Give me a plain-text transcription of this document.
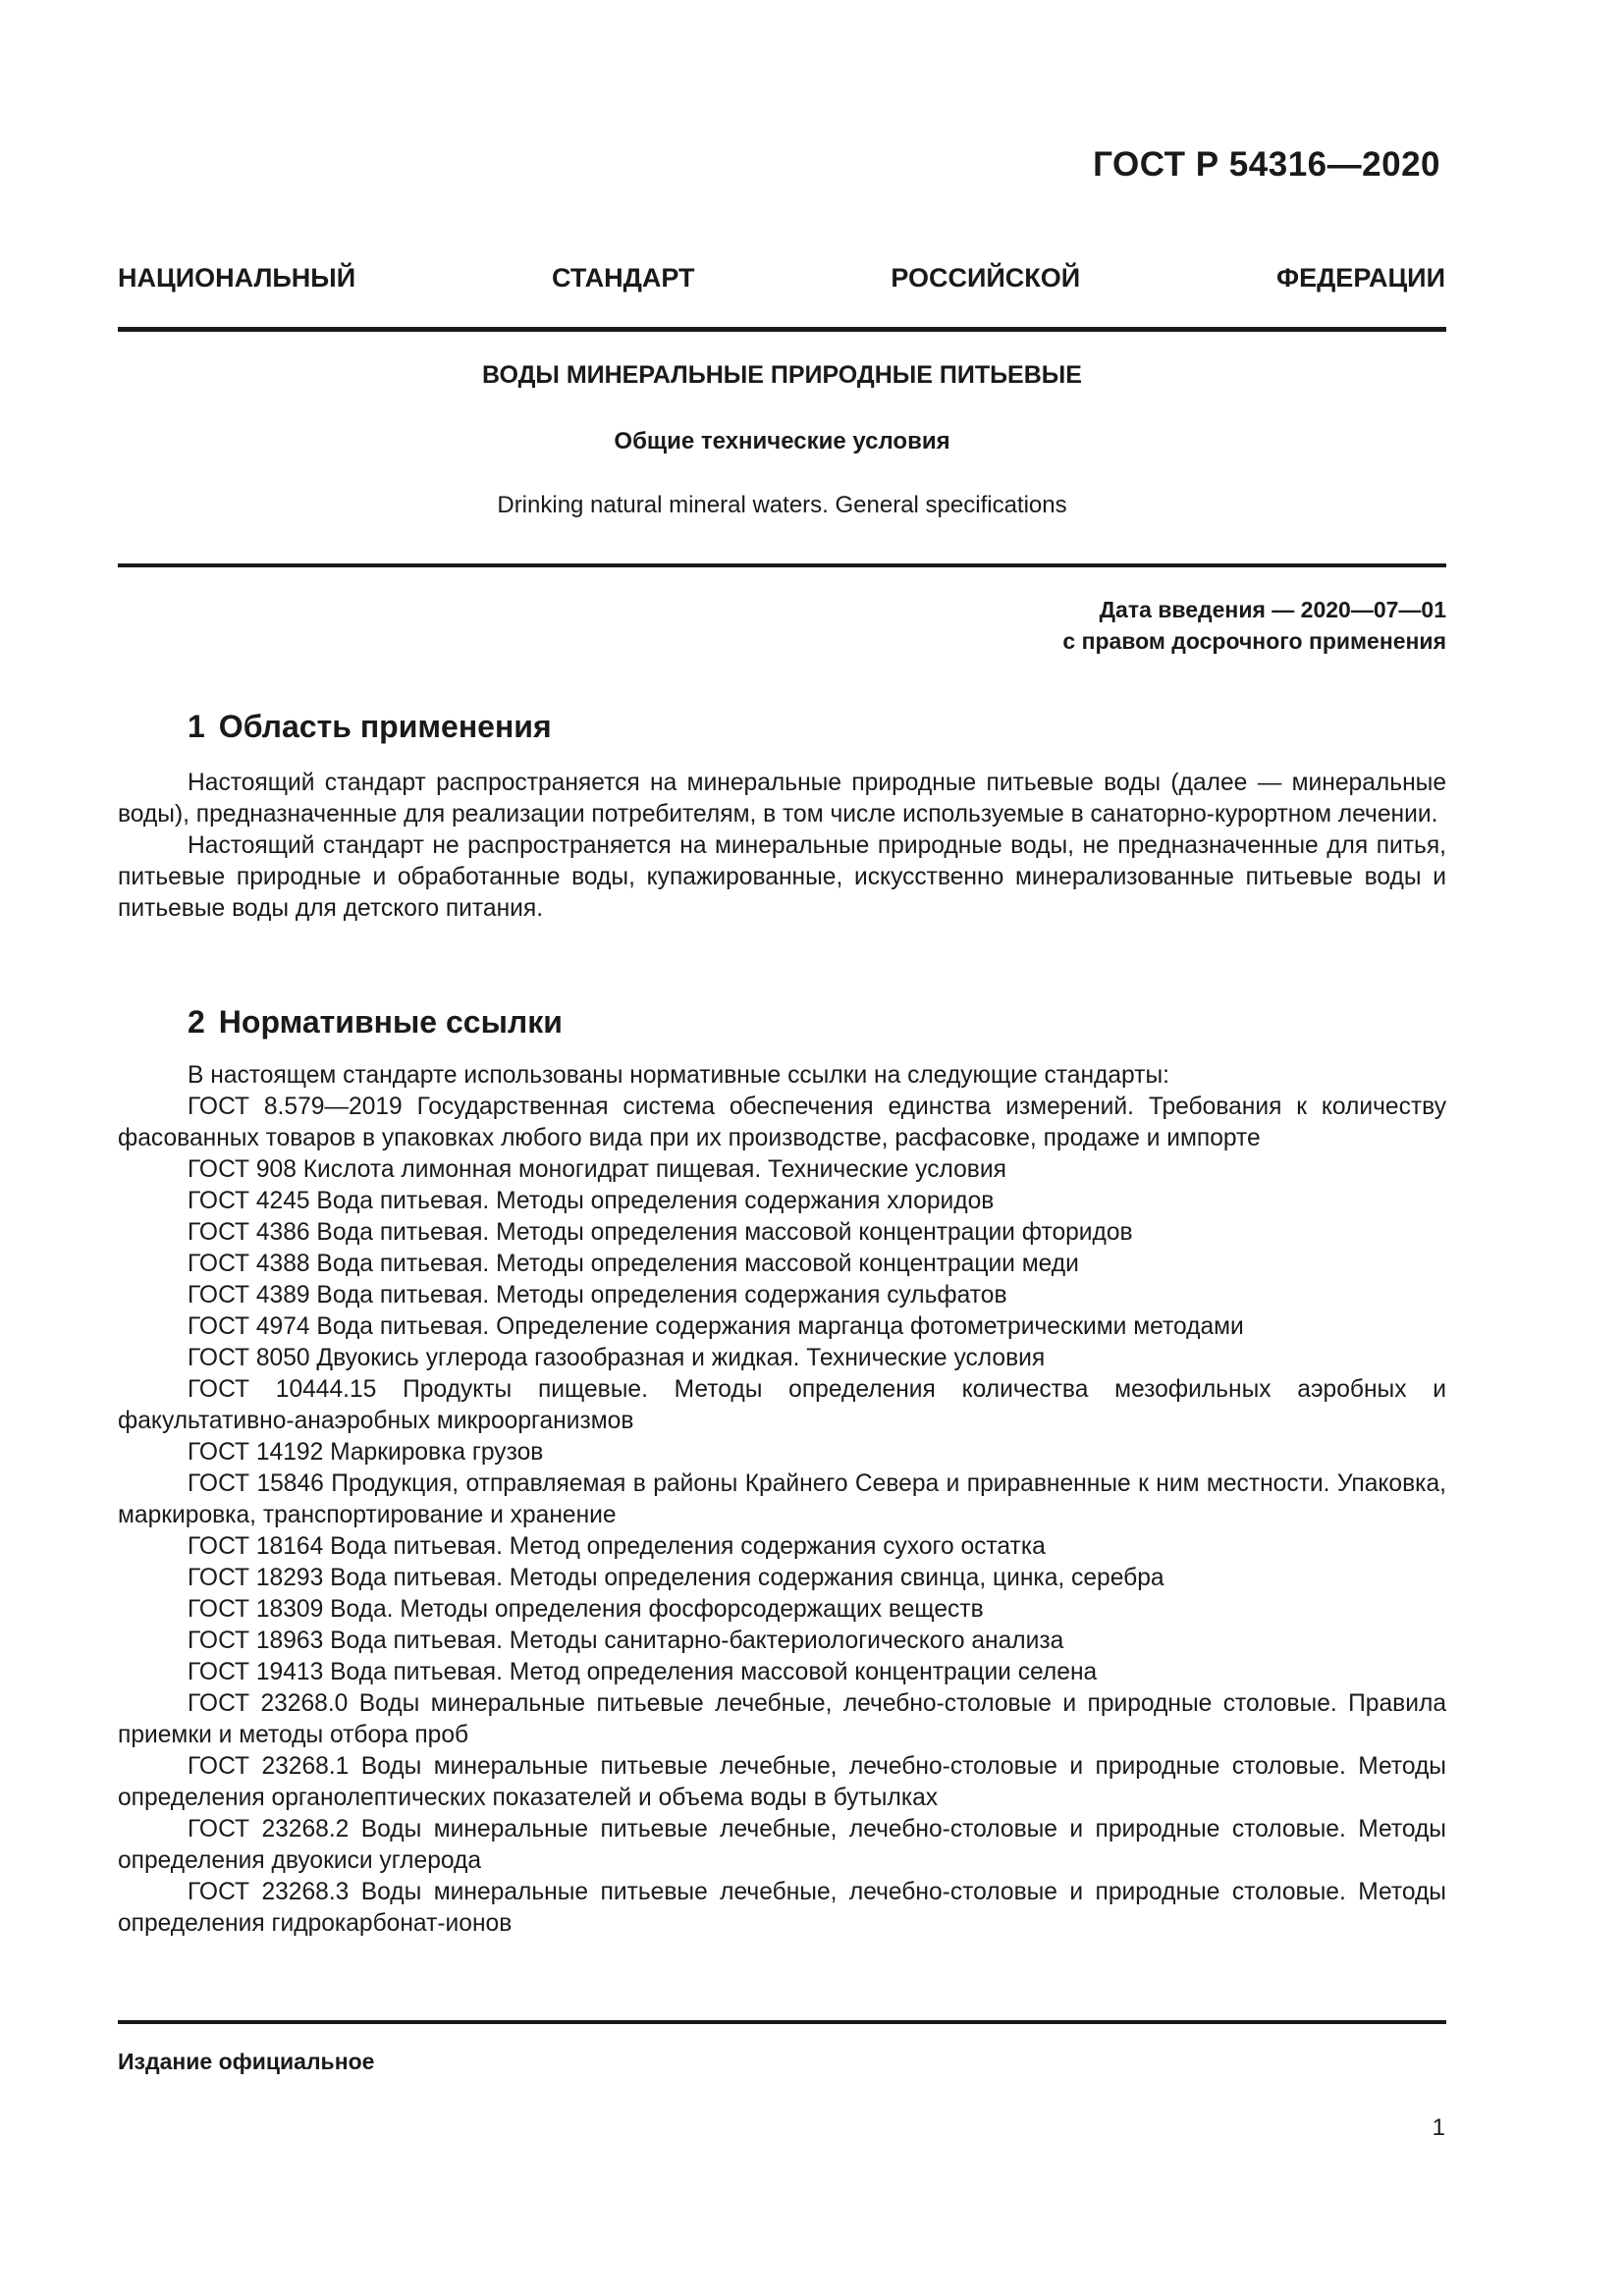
ГОСТ Р 54316—2020
НАЦИОНАЛЬНЫЙ СТАНДАРТ РОССИЙСКОЙ ФЕДЕРАЦИИ
ВОДЫ МИНЕРАЛЬНЫЕ ПРИРОДНЫЕ ПИТЬЕВЫЕ
Общие технические условия
Drinking natural mineral waters. General specifications
Дата введения — 2020—07—01
с правом досрочного применения
1 Область применения

Настоящий стандарт распространяется на минеральные природные питьевые воды (далее — минеральные воды), предназначенные для реализации потребителям, в том числе используемые в санаторно-курортном лечении.

Настоящий стандарт не распространяется на минеральные природные воды, не предназначенные для питья, питьевые природные и обработанные воды, купажированные, искусственно минерализованные питьевые воды и питьевые воды для детского питания.

2 Нормативные ссылки

В настоящем стандарте использованы нормативные ссылки на следующие стандарты:

ГОСТ 8.579—2019 Государственная система обеспечения единства измерений. Требования к количеству фасованных товаров в упаковках любого вида при их производстве, расфасовке, продаже и импорте

ГОСТ 908 Кислота лимонная моногидрат пищевая. Технические условия

ГОСТ 4245 Вода питьевая. Методы определения содержания хлоридов

ГОСТ 4386 Вода питьевая. Методы определения массовой концентрации фторидов

ГОСТ 4388 Вода питьевая. Методы определения массовой концентрации меди

ГОСТ 4389 Вода питьевая. Методы определения содержания сульфатов

ГОСТ 4974 Вода питьевая. Определение содержания марганца фотометрическими методами

ГОСТ 8050 Двуокись углерода газообразная и жидкая. Технические условия

ГОСТ 10444.15 Продукты пищевые. Методы определения количества мезофильных аэробных и факультативно-анаэробных микроорганизмов

ГОСТ 14192 Маркировка грузов

ГОСТ 15846 Продукция, отправляемая в районы Крайнего Севера и приравненные к ним местности. Упаковка, маркировка, транспортирование и хранение

ГОСТ 18164 Вода питьевая. Метод определения содержания сухого остатка

ГОСТ 18293 Вода питьевая. Методы определения содержания свинца, цинка, серебра

ГОСТ 18309 Вода. Методы определения фосфорсодержащих веществ

ГОСТ 18963 Вода питьевая. Методы санитарно-бактериологического анализа

ГОСТ 19413 Вода питьевая. Метод определения массовой концентрации селена

ГОСТ 23268.0 Воды минеральные питьевые лечебные, лечебно-столовые и природные столовые. Правила приемки и методы отбора проб

ГОСТ 23268.1 Воды минеральные питьевые лечебные, лечебно-столовые и природные столовые. Методы определения органолептических показателей и объема воды в бутылках

ГОСТ 23268.2 Воды минеральные питьевые лечебные, лечебно-столовые и природные столовые. Методы определения двуокиси углерода

ГОСТ 23268.3 Воды минеральные питьевые лечебные, лечебно-столовые и природные столовые. Методы определения гидрокарбонат-ионов

Издание официальное
1
